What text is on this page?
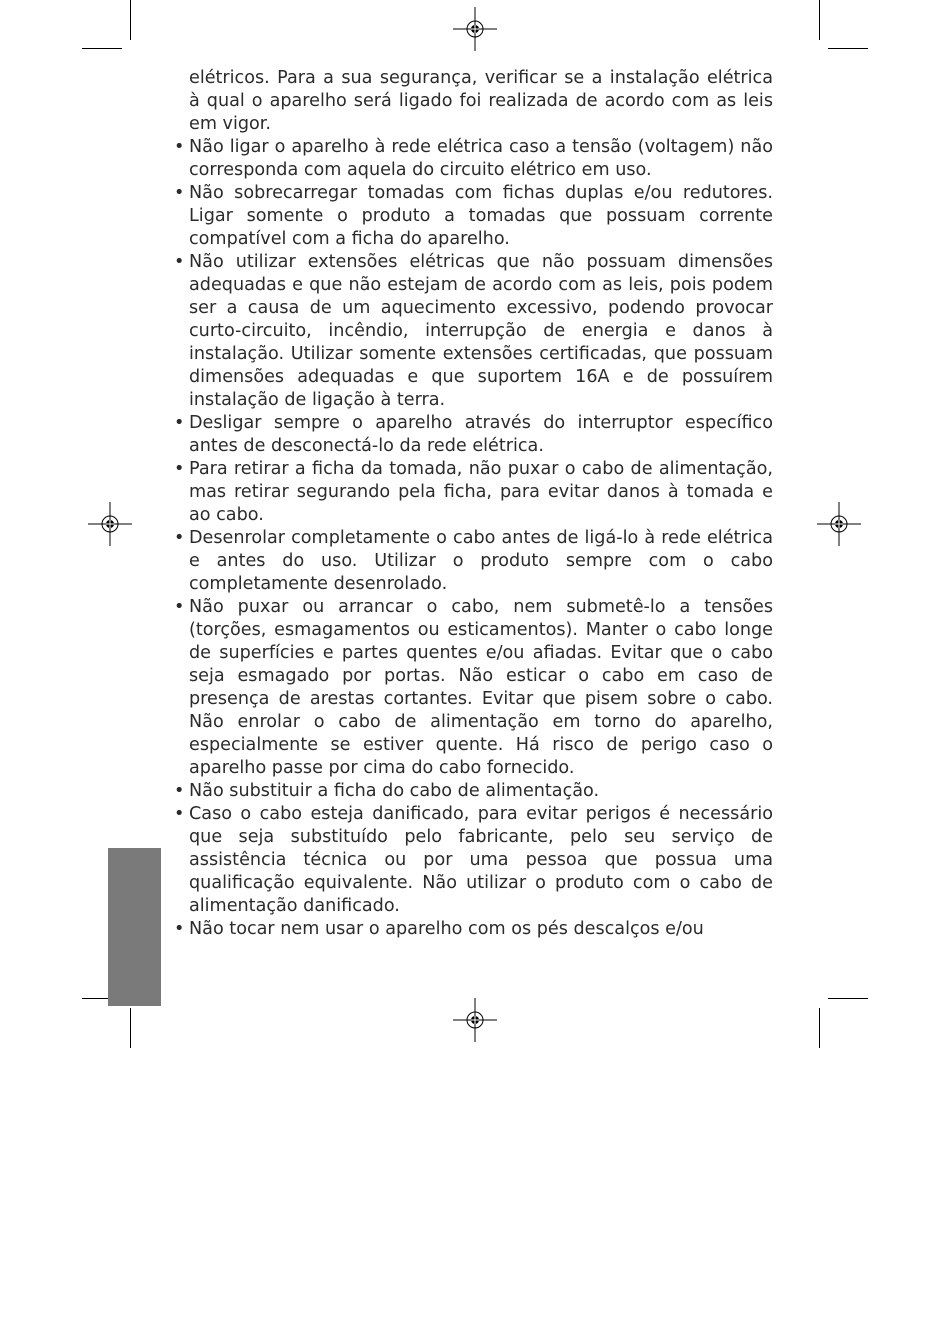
elétricos. Para a sua segurança, verificar se a instalação elétrica à qual o aparelho será ligado foi realizada de acordo com as leis em vigor.

• Não ligar o aparelho à rede elétrica caso a tensão (voltagem) não corresponda com aquela do circuito elétrico em uso.
• Não sobrecarregar tomadas com fichas duplas e/ou redutores. Ligar somente o produto a tomadas que possuam corrente compatível com a ficha do aparelho.
• Não utilizar extensões elétricas que não possuam dimensões adequadas e que não estejam de acordo com as leis, pois podem ser a causa de um aquecimento excessivo, podendo provocar curto-circuito, incêndio, interrupção de energia e danos à instalação. Utilizar somente extensões certificadas, que possuam dimensões adequadas e que suportem 16A e de possuírem instalação de ligação à terra.
• Desligar sempre o aparelho através do interruptor específico antes de desconectá-lo da rede elétrica.
• Para retirar a ficha da tomada, não puxar o cabo de alimentação, mas retirar segurando pela ficha, para evitar danos à tomada e ao cabo.
• Desenrolar completamente o cabo antes de ligá-lo à rede elétrica e antes do uso. Utilizar o produto sempre com o cabo completamente desenrolado.
• Não puxar ou arrancar o cabo, nem submetê-lo a tensões (torções, esmagamentos ou esticamentos). Manter o cabo longe de superfícies e partes quentes e/ou afiadas. Evitar que o cabo seja esmagado por portas. Não esticar o cabo em caso de presença de arestas cortantes. Evitar que pisem sobre o cabo. Não enrolar o cabo de alimentação em torno do aparelho, especialmente se estiver quente. Há risco de perigo caso o aparelho passe por cima do cabo fornecido.
• Não substituir a ficha do cabo de alimentação.
• Caso o cabo esteja danificado, para evitar perigos é necessário que seja substituído pelo fabricante, pelo seu serviço de assistência técnica ou por uma pessoa que possua uma qualificação equivalente. Não utilizar o produto com o cabo de alimentação danificado.
• Não tocar nem usar o aparelho com os pés descalços e/ou
